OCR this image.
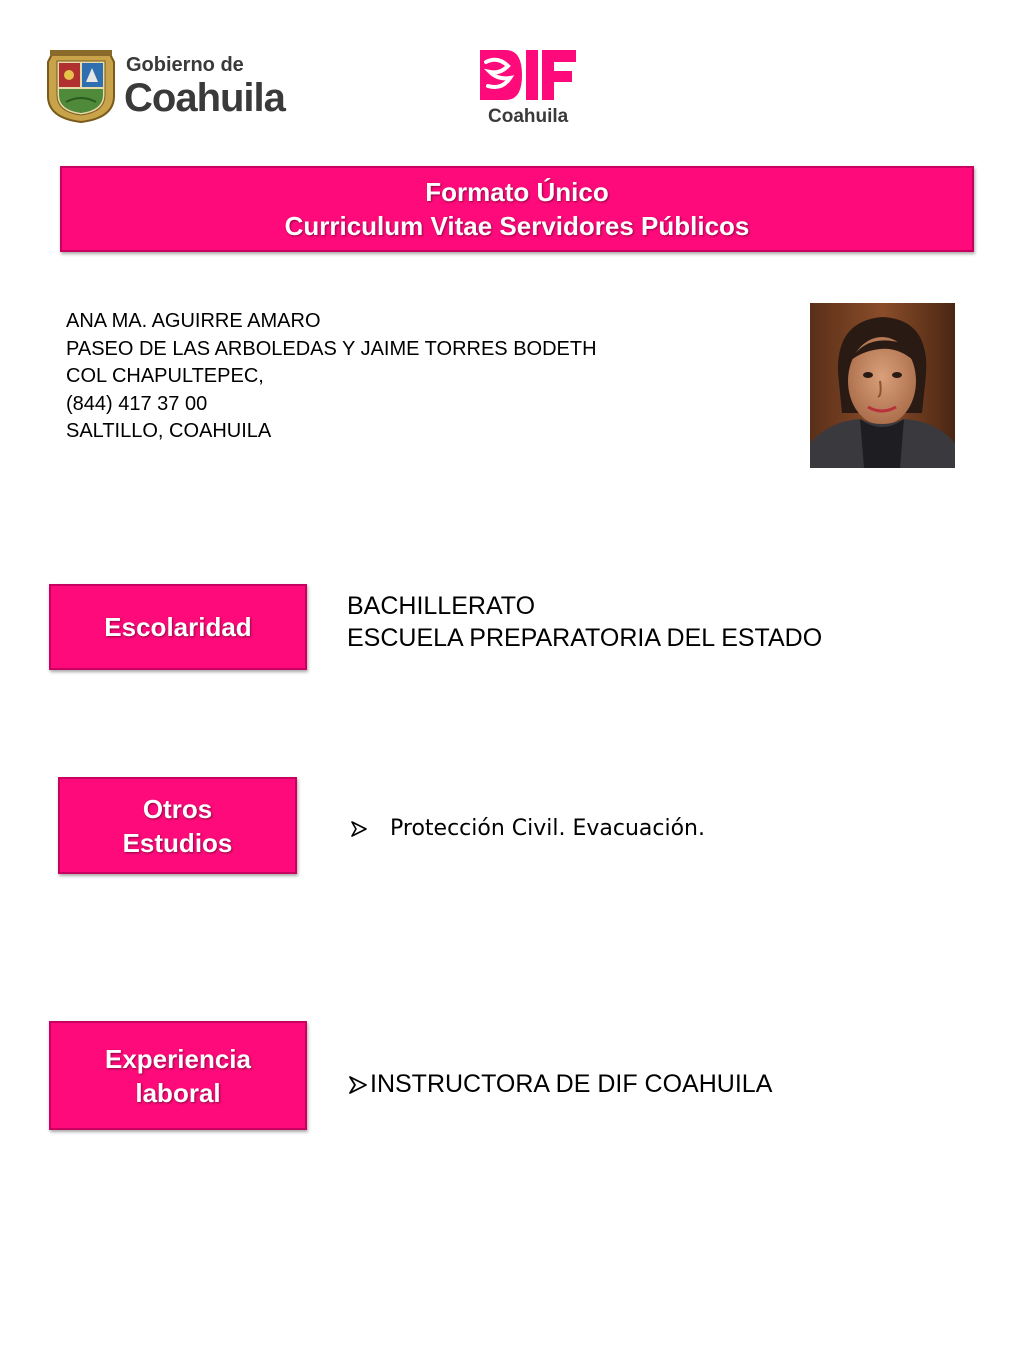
Gobierno de
Coahuila	Coahuila
Formato Único
Curriculum Vitae Servidores Públicos
ANA MA. AGUIRRE AMARO
PASEO DE LAS ARBOLEDAS Y JAIME TORRES BODETH
COL CHAPULTEPEC,
(844) 417 37 00
SALTILLO, COAHUILA
Escolaridad
BACHILLERATO
ESCUELA PREPARATORIA DEL ESTADO
Otros
Estudios	Protección Civil. Evacuación.
Experiencia
laboral	INSTRUCTORA DE DIF COAHUILA
